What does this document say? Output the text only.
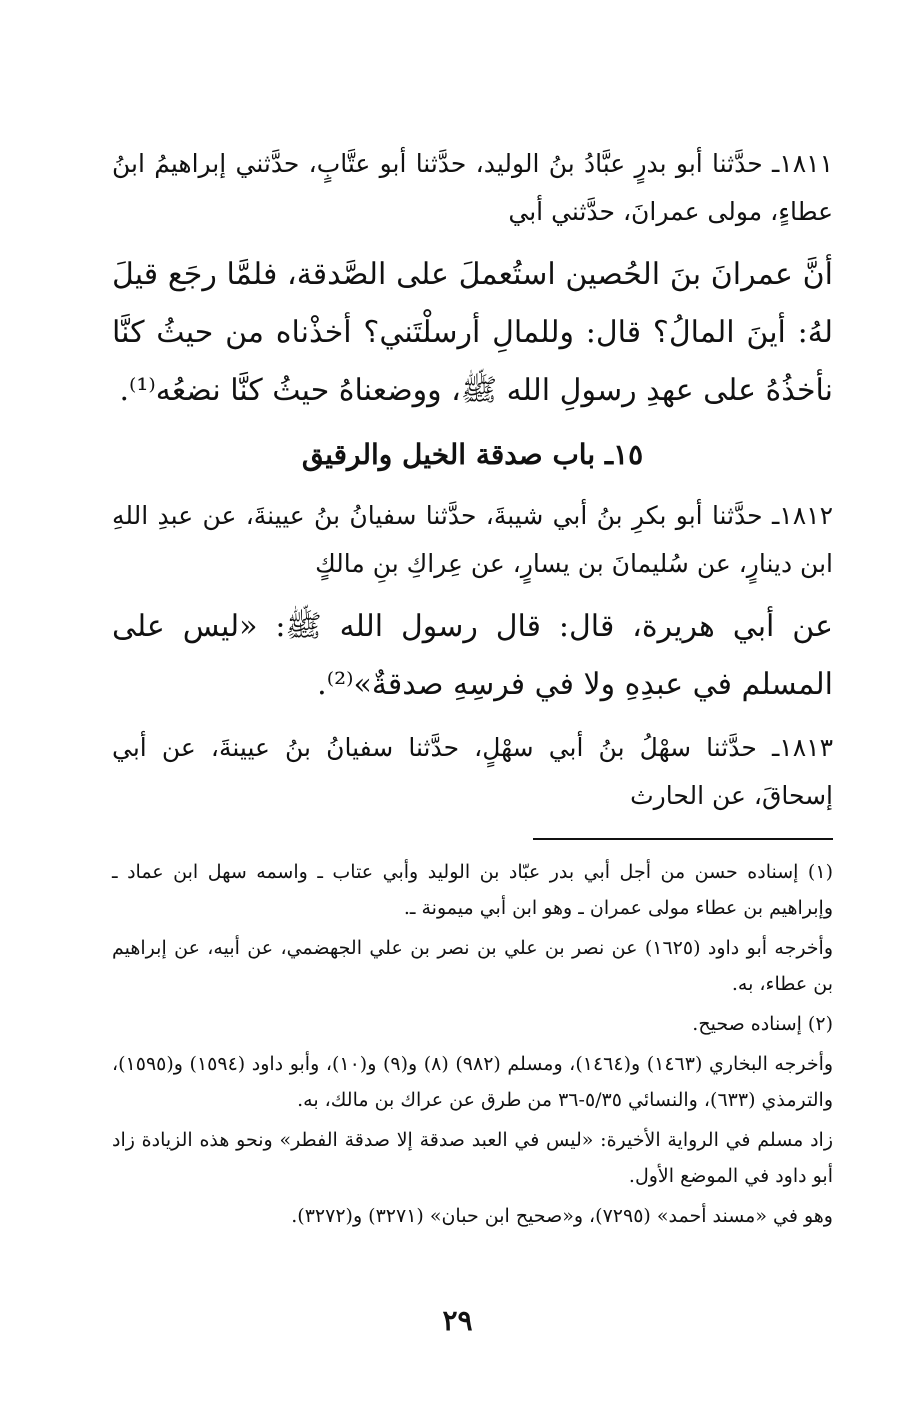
١٨١١ـ حدَّثنا أبو بدرٍ عبَّادُ بنُ الوليد، حدَّثنا أبو عتَّابٍ، حدَّثني إبراهيمُ ابنُ عطاءٍ، مولى عمرانَ، حدَّثني أبي

أنَّ عمرانَ بنَ الحُصين استُعملَ على الصَّدقة، فلمَّا رجَع قيلَ لهُ: أينَ المالُ؟ قال: وللمالِ أرسلْتَني؟ أخذْناه من حيثُ كنَّا نأخذُهُ على عهدِ رسولِ الله ﷺ، ووضعناهُ حيثُ كنَّا نضعُه⁽¹⁾.

١٥ـ باب صدقة الخيل والرقيق

١٨١٢ـ حدَّثنا أبو بكرِ بنُ أبي شيبةَ، حدَّثنا سفيانُ بنُ عيينةَ، عن عبدِ اللهِ ابن دينارٍ، عن سُليمانَ بن يسارٍ، عن عِراكِ بنِ مالكٍ

عن أبي هريرة، قال: قال رسول الله ﷺ: «ليس على المسلم في عبدِهِ ولا في فرسِهِ صدقةٌ»⁽²⁾.

١٨١٣ـ حدَّثنا سهْلُ بنُ أبي سهْلٍ، حدَّثنا سفيانُ بنُ عيينةَ، عن أبي إسحاقَ، عن الحارث

(١) إسناده حسن من أجل أبي بدر عبّاد بن الوليد وأبي عتاب ـ واسمه سهل ابن عماد ـ وإبراهيم بن عطاء مولى عمران ـ وهو ابن أبي ميمونة ـ.

وأخرجه أبو داود (١٦٢٥) عن نصر بن علي بن نصر بن علي الجهضمي، عن أبيه، عن إبراهيم بن عطاء، به.

(٢) إسناده صحيح.

وأخرجه البخاري (١٤٦٣) و(١٤٦٤)، ومسلم (٩٨٢) (٨) و(٩) و(١٠)، وأبو داود (١٥٩٤) و(١٥٩٥)، والترمذي (٦٣٣)، والنسائي ٥/٣٥-٣٦ من طرق عن عراك بن مالك، به.

زاد مسلم في الرواية الأخيرة: «ليس في العبد صدقة إلا صدقة الفطر» ونحو هذه الزيادة زاد أبو داود في الموضع الأول.

وهو في «مسند أحمد» (٧٢٩٥)، و«صحيح ابن حبان» (٣٢٧١) و(٣٢٧٢).

٢٩
